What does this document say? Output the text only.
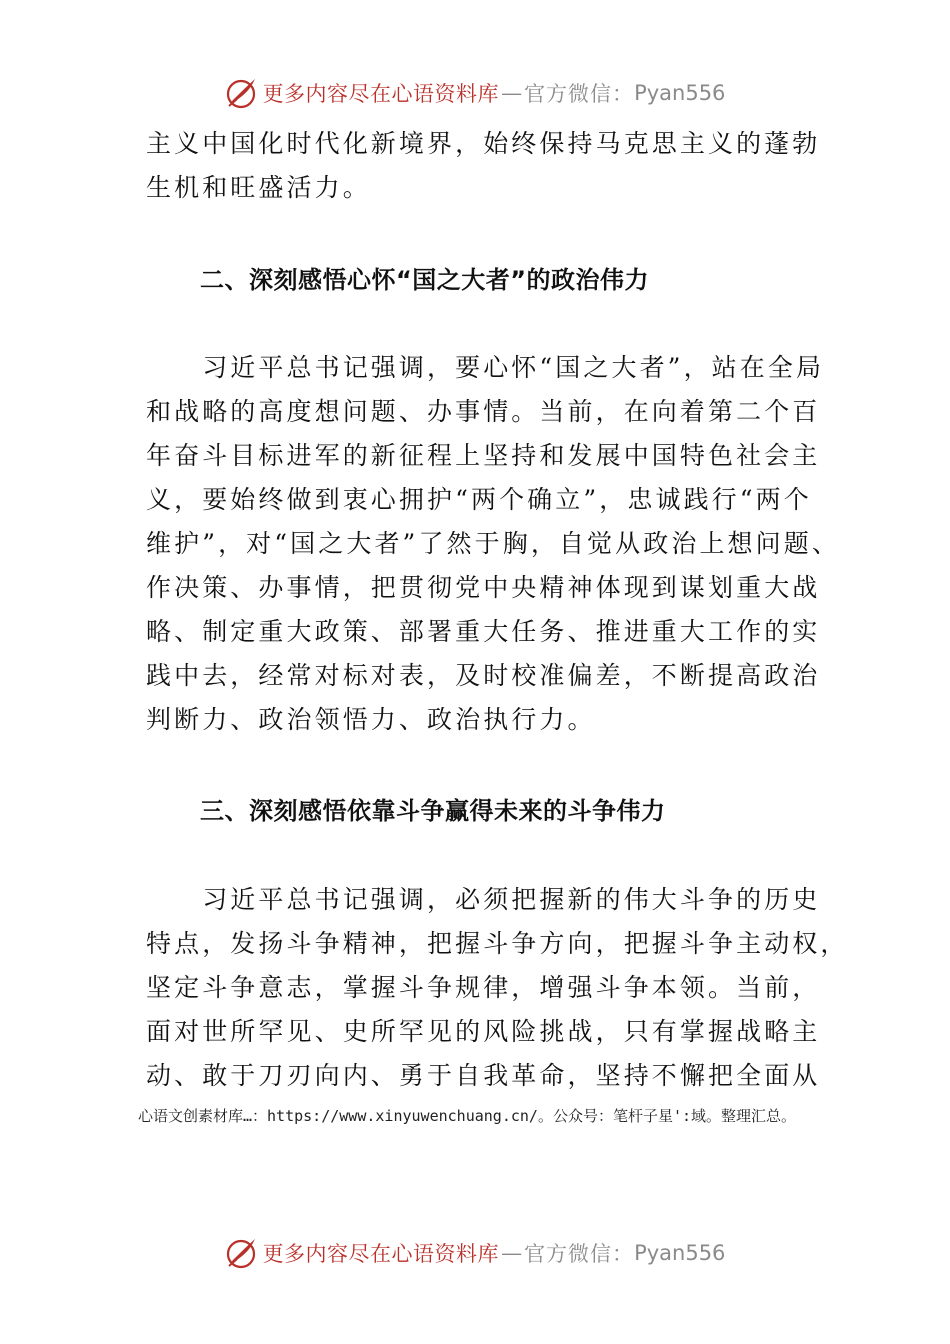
更多内容尽在心语资料库 — 官方微信： Pyan556
主义中国化时代化新境界，始终保持马克思主义的蓬勃
生机和旺盛活力。
二、深刻感悟心怀“国之大者”的政治伟力
　　习近平总书记强调，要心怀“国之大者”，站在全局
和战略的高度想问题、办事情。当前，在向着第二个百
年奋斗目标进军的新征程上坚持和发展中国特色社会主
义，要始终做到衷心拥护“两个确立”，忠诚践行“两个
维护”，对“国之大者”了然于胸，自觉从政治上想问题、
作决策、办事情，把贯彻党中央精神体现到谋划重大战
略、制定重大政策、部署重大任务、推进重大工作的实
践中去，经常对标对表，及时校准偏差，不断提高政治
判断力、政治领悟力、政治执行力。
三、深刻感悟依靠斗争赢得未来的斗争伟力
　　习近平总书记强调，必须把握新的伟大斗争的历史
特点，发扬斗争精神，把握斗争方向，把握斗争主动权，
坚定斗争意志，掌握斗争规律，增强斗争本领。当前，
面对世所罕见、史所罕见的风险挑战，只有掌握战略主
动、敢于刀刃向内、勇于自我革命，坚持不懈把全面从
心语文创素材库…：https://www.xinyuwenchuang.cn/。公众号：笔杆子星':域。整理汇总。
更多内容尽在心语资料库 — 官方微信： Pyan556
